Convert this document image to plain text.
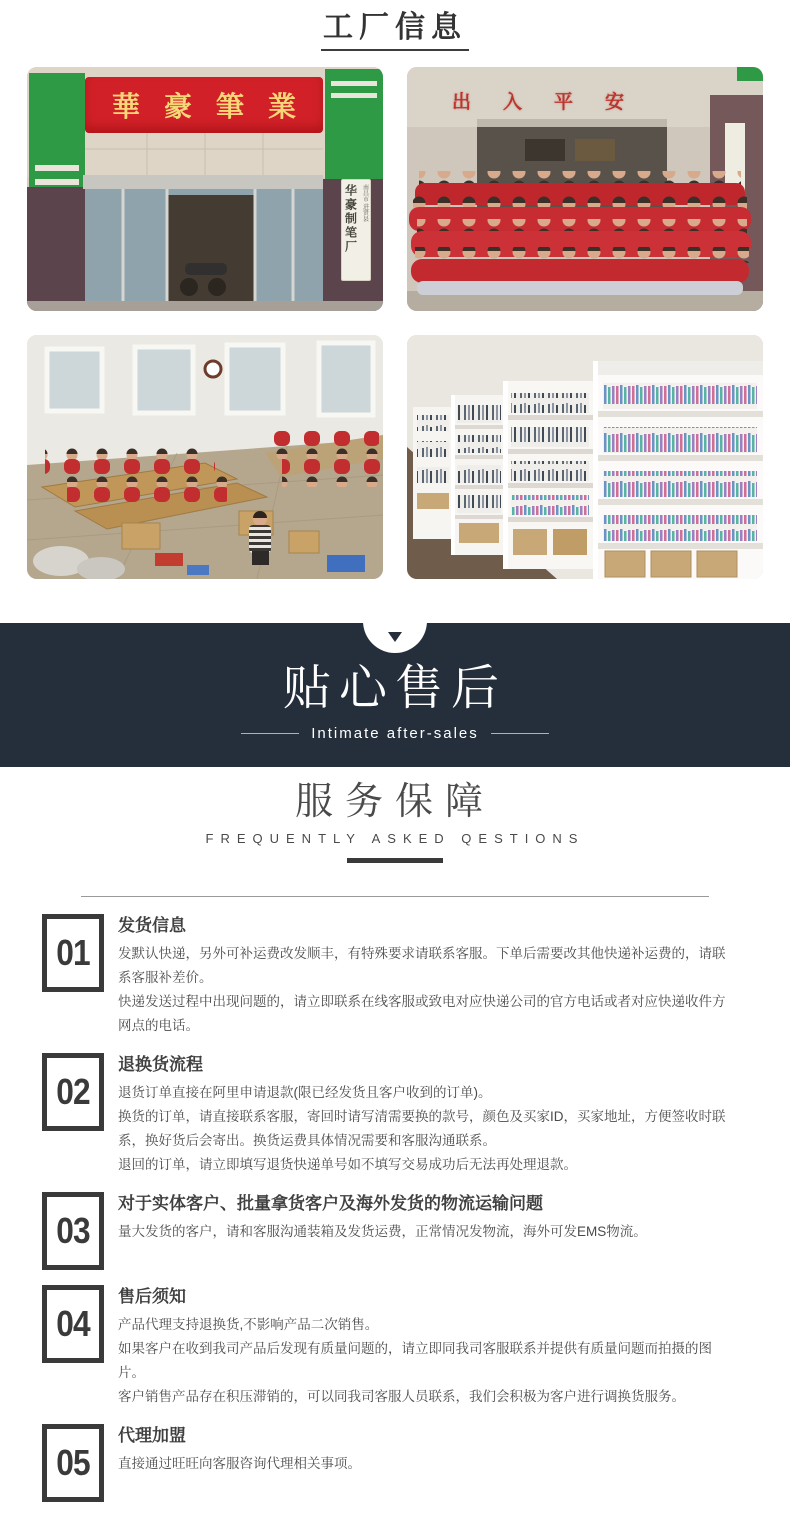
工厂信息
華豪筆業
华豪制笔厂 南昌市 进贤县
出入平安
贴心售后
Intimate after-sales
服务保障
FREQUENTLY ASKED QESTIONS
01
发货信息

发默认快递，另外可补运费改发顺丰，有特殊要求请联系客服。下单后需要改其他快递补运费的，请联系客服补差价。

快递发送过程中出现问题的，请立即联系在线客服或致电对应快递公司的官方电话或者对应快递收件方网点的电话。

02
退换货流程

退货订单直接在阿里申请退款(限已经发货且客户收到的订单)。

换货的订单，请直接联系客服，寄回时请写清需要换的款号，颜色及买家ID，买家地址，方便签收时联系，换好货后会寄出。换货运费具体情况需要和客服沟通联系。

退回的订单，请立即填写退货快递单号如不填写交易成功后无法再处理退款。

03
对于实体客户、批量拿货客户及海外发货的物流运输问题

量大发货的客户，请和客服沟通装箱及发货运费，正常情况发物流，海外可发EMS物流。

04
售后须知

产品代理支持退换货,不影响产品二次销售。

如果客户在收到我司产品后发现有质量问题的，请立即同我司客服联系并提供有质量问题而拍摄的图片。

客户销售产品存在积压滞销的，可以同我司客服人员联系，我们会积极为客户进行调换货服务。

05
代理加盟

直接通过旺旺向客服咨询代理相关事项。
